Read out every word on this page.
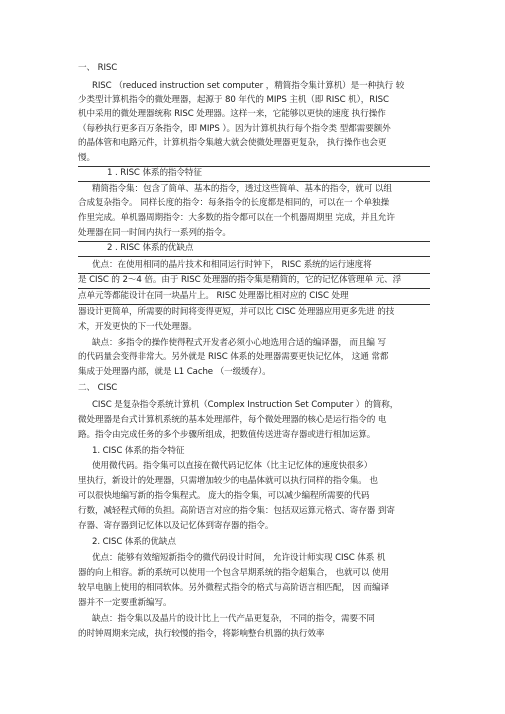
一、 RISC
RISC （reduced instruction set computer ，精简指令集计算机）是一种执行 较
少类型计算机指令的微处理器，起源于 80 年代的 MIPS 主机（即 RISC 机），RISC
机中采用的微处理器统称 RISC 处理器。这样一来，它能够以更快的速度 执行操作
（每秒执行更多百万条指令，即 MIPS ）。因为计算机执行每个指令类 型都需要额外
的晶体管和电路元件，计算机指令集越大就会使微处理器更复杂， 执行操作也会更
慢。
1 . RISC 体系的指令特征
精简指令集：包含了简单、基本的指令，透过这些简单、基本的指令，就可 以组
合成复杂指令。 同样长度的指令：每条指令的长度都是相同的，可以在一 个单独操
作里完成。单机器周期指令：大多数的指令都可以在一个机器周期里 完成，并且允许
处理器在同一时间内执行一系列的指令。
2 . RISC 体系的优缺点
优点：在使用相同的晶片技术和相同运行时钟下， RISC 系统的运行速度将
是 CISC 的 2～4 倍。由于 RISC 处理器的指令集是精简的，它的记忆体管理单 元、浮
点单元等都能设计在同一块晶片上。 RISC 处理器比相对应的 CISC 处理
器设计更简单，所需要的时间将变得更短，并可以比 CISC 处理器应用更多先进 的技
术，开发更快的下一代处理器。
缺点：多指令的操作使得程式开发者必须小心地选用合适的编译器， 而且编 写
的代码量会变得非常大。另外就是 RISC 体系的处理器需要更快记忆体， 这通 常都
集成于处理器内部，就是 L1 Cache （一级缓存）。
二、 CISC
CISC 是复杂指令系统计算机（Complex Instruction Set Computer ）的简称，
微处理器是台式计算机系统的基本处理部件，每个微处理器的核心是运行指令的 电
路。指令由完成任务的多个步骤所组成，把数值传送进寄存器或进行相加运算。
1. CISC 体系的指令特征
使用微代码。指令集可以直接在微代码记忆体（比主记忆体的速度快很多）
里执行，新设计的处理器，只需增加较少的电晶体就可以执行同样的指令集。 也
可以很快地编写新的指令集程式。 庞大的指令集，可以减少编程所需要的代码
行数，减轻程式师的负担。高阶语言对应的指令集：包括双运算元格式、寄存器 到寄
存器、寄存器到记忆体以及记忆体到寄存器的指令。
2. CISC 体系的优缺点
优点：能够有效缩短新指令的微代码设计时间， 允许设计师实现 CISC 体系 机
器的向上相容。新的系统可以使用一个包含早期系统的指令超集合， 也就可以 使用
较早电脑上使用的相同软体。另外微程式指令的格式与高阶语言相匹配， 因 而编译
器并不一定要重新编写。
缺点：指令集以及晶片的设计比上一代产品更复杂， 不同的指令，需要不同
的时钟周期来完成，执行较慢的指令，将影响整台机器的执行效率
